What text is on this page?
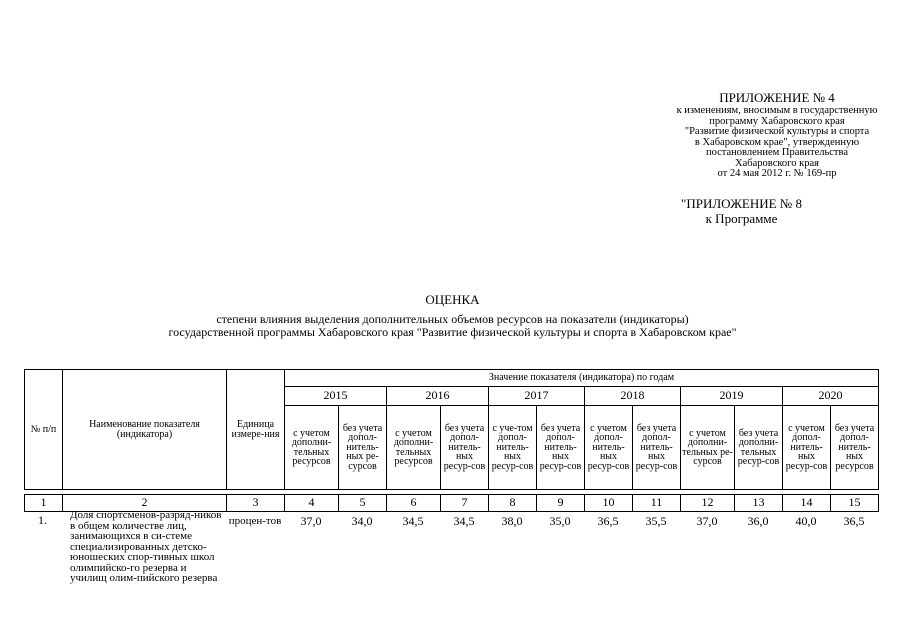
ПРИЛОЖЕНИЕ № 4
к изменениям, вносимым в государственную
программу Хабаровского края
"Развитие физической культуры и спорта
в Хабаровском крае", утвержденную
постановлением Правительства
Хабаровского края
от 24 мая 2012 г. № 169-пр
"ПРИЛОЖЕНИЕ № 8
к Программе
ОЦЕНКА
степени влияния выделения дополнительных объемов ресурсов на показатели (индикаторы)
государственной программы Хабаровского края "Развитие физической культуры и спорта в Хабаровском крае"
№ п/п	Наименование показателя (индикатора)	Единица измере-ния	Значение показателя (индикатора) по годам											
			2015		2016		2017		2018		2019		2020	
			с учетом дополни-тельных ресурсов	без учета допол-нитель-ных ре-сурсов	с учетом дополни-тельных ресурсов	без учета допол-нитель-ных ресур-сов	с уче-том допол-нитель-ных ресур-сов	без учета допол-нитель-ных ресур-сов	с учетом допол-нитель-ных ресур-сов	без учета допол-нитель-ных ресур-сов	с учетом дополни-тельных ре-сурсов	без учета дополни-тельных ресур-сов	с учетом допол-нитель-ных ресур-сов	без учета допол-нитель-ных ресурсов

1	2	3	4	5	6	7	8	9	10	11	12	13	14	15
1.	Доля спортсменов-разряд-ников в общем количестве лиц, занимающихся в си-стеме специализированных детско-юношеских спор-тивных школ олимпийско-го резерва и училищ олим-пийского резерва	процен-тов	37,0	34,0	34,5	34,5	38,0	35,0	36,5	35,5	37,0	36,0	40,0	36,5
